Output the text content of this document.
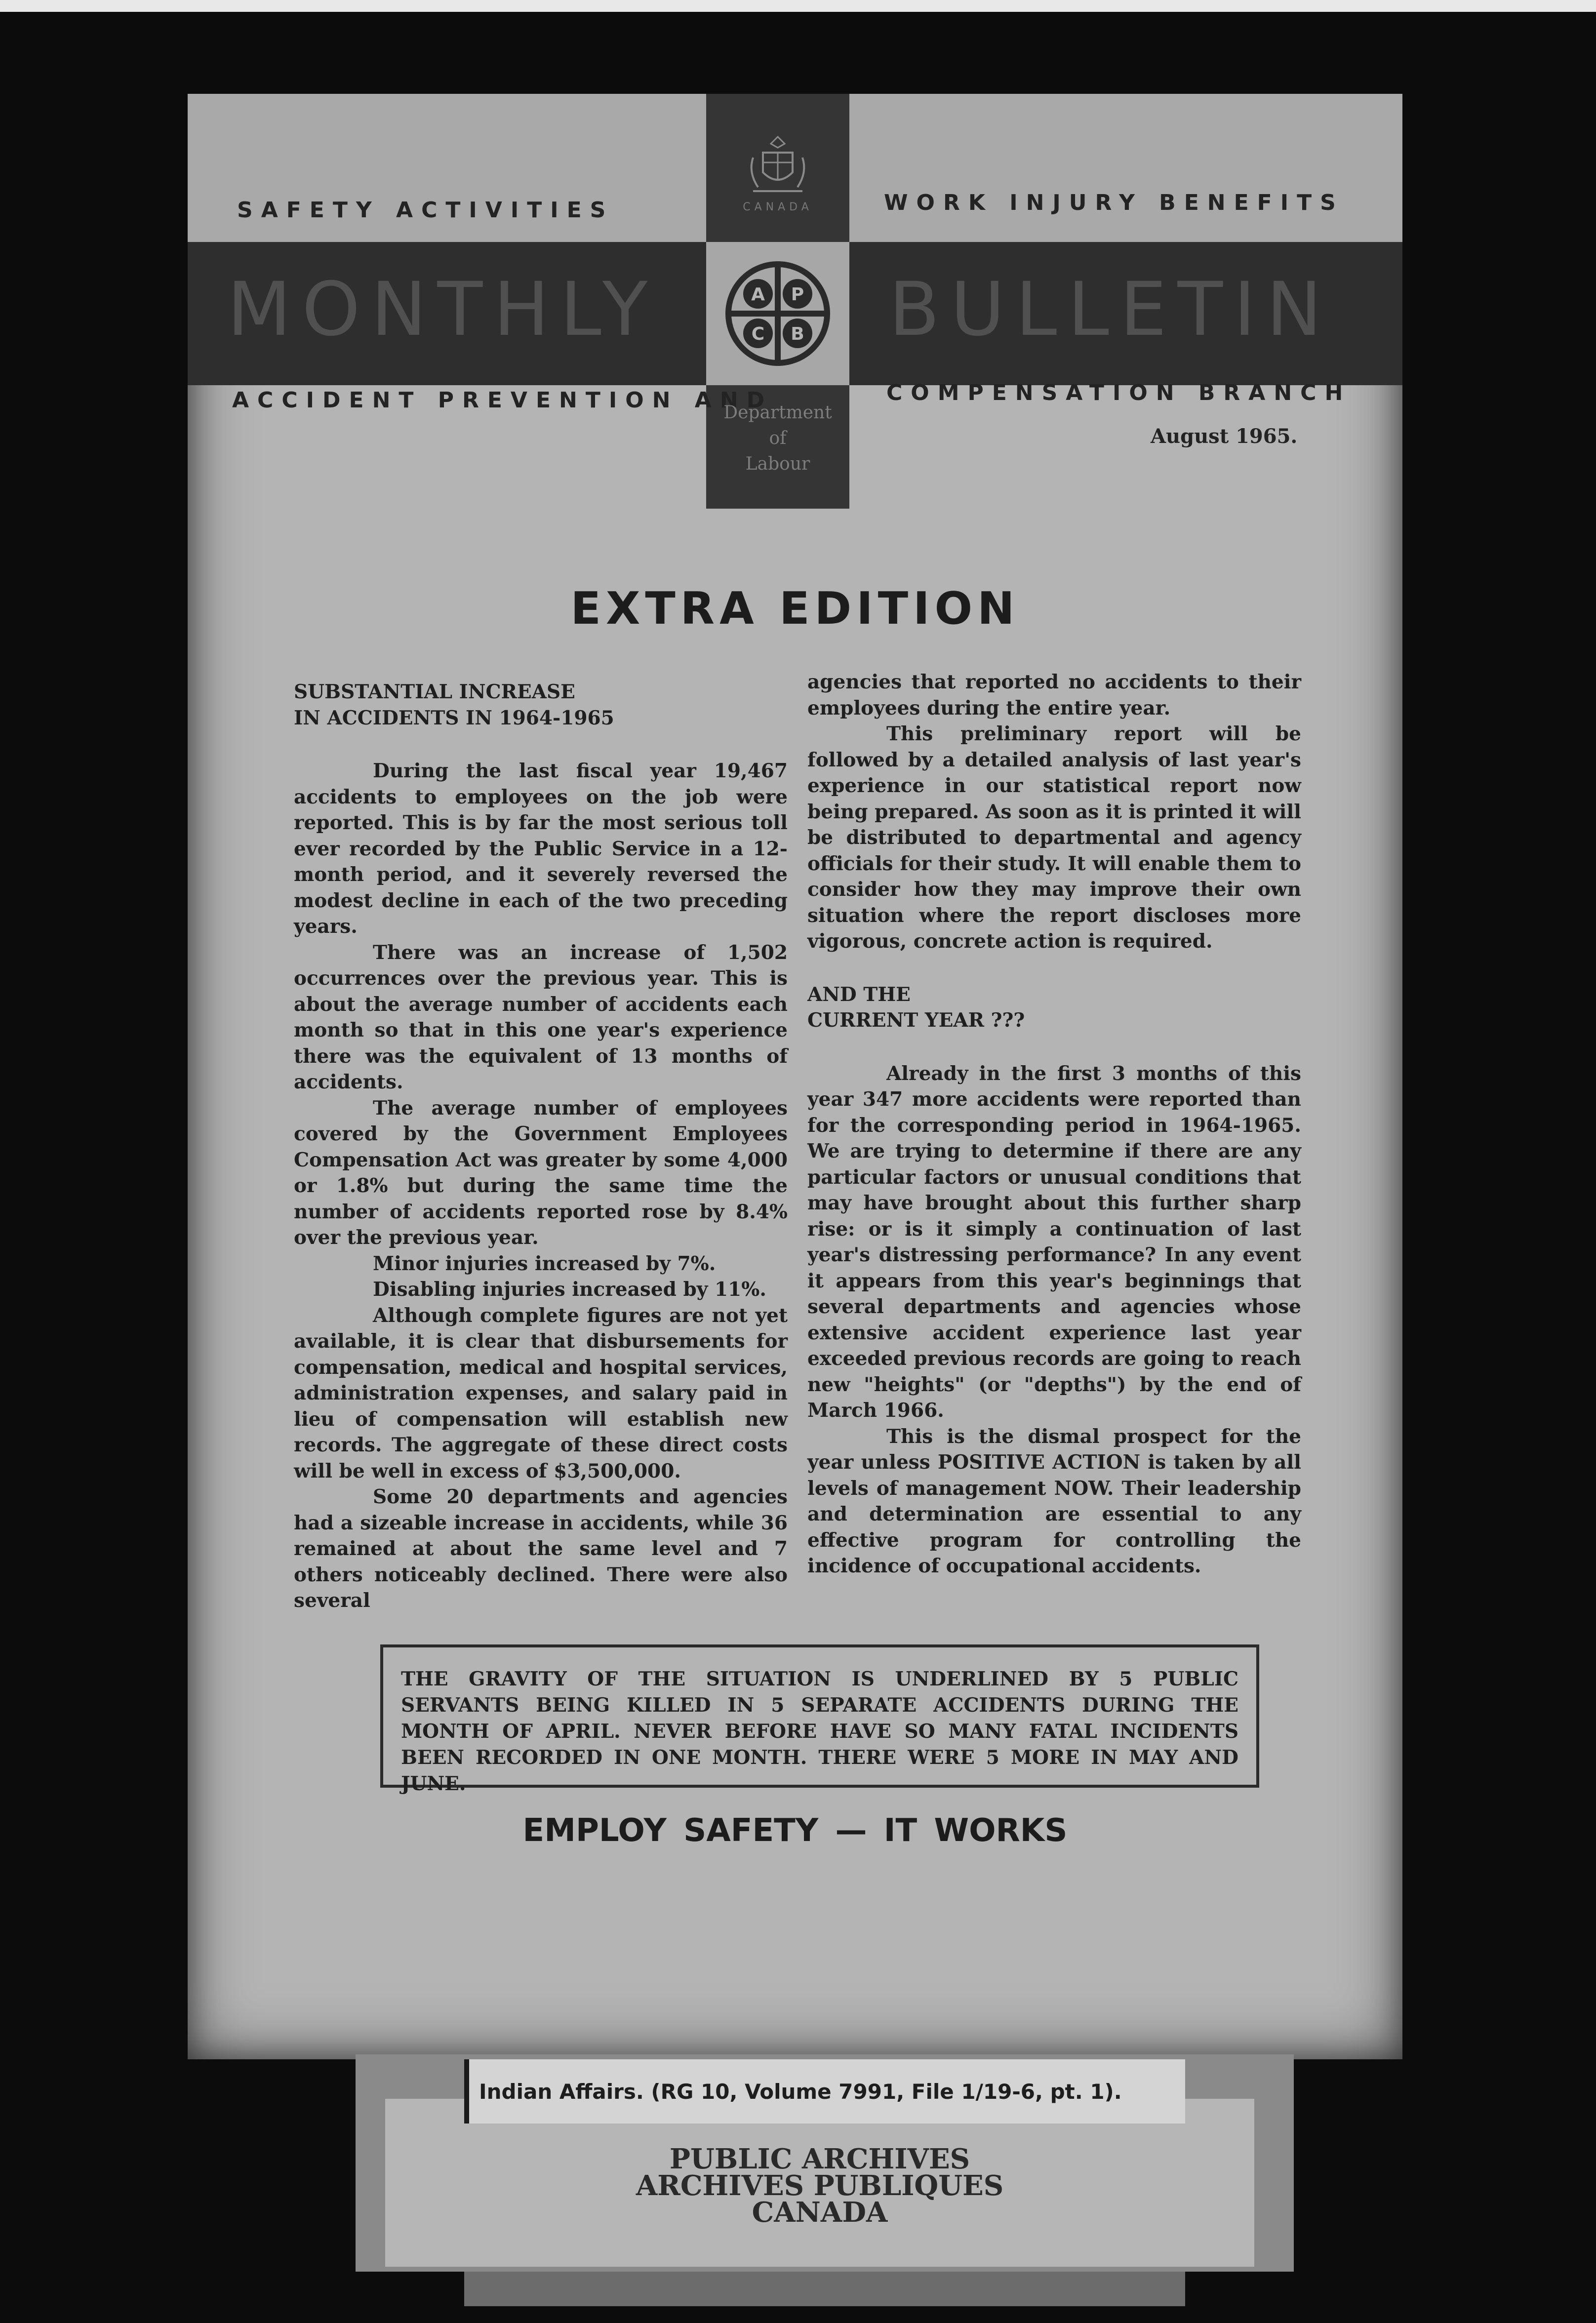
CANADA
SAFETY ACTIVITIES	WORK INJURY BENEFITS
MONTHLY	BULLETIN
ACCIDENT PREVENTION AND	COMPENSATION BRANCH
A P
C B
Department
of
Labour
August 1965.
EXTRA EDITION
SUBSTANTIAL INCREASE
IN ACCIDENTS IN 1964-1965

During the last fiscal year 19,467 accidents to employees on the job were reported. This is by far the most serious toll ever recorded by the Public Service in a 12-month period, and it severely reversed the modest decline in each of the two preceding years.

There was an increase of 1,502 occurrences over the previous year. This is about the average number of accidents each month so that in this one year's experience there was the equivalent of 13 months of accidents.

The average number of employees covered by the Government Employees Compensation Act was greater by some 4,000 or 1.8% but during the same time the number of accidents reported rose by 8.4% over the previous year.

Minor injuries increased by 7%.

Disabling injuries increased by 11%.

Although complete figures are not yet available, it is clear that disbursements for compensation, medical and hospital services, administration expenses, and salary paid in lieu of compensation will establish new records. The aggregate of these direct costs will be well in excess of $3,500,000.

Some 20 departments and agencies had a sizeable increase in accidents, while 36 remained at about the same level and 7 others noticeably declined. There were also several

agencies that reported no accidents to their employees during the entire year.

This preliminary report will be followed by a detailed analysis of last year's experience in our statistical report now being prepared. As soon as it is printed it will be distributed to departmental and agency officials for their study. It will enable them to consider how they may improve their own situation where the report discloses more vigorous, concrete action is required.

AND THE
CURRENT YEAR ???

Already in the first 3 months of this year 347 more accidents were reported than for the corresponding period in 1964-1965. We are trying to determine if there are any particular factors or unusual conditions that may have brought about this further sharp rise: or is it simply a continuation of last year's distressing performance? In any event it appears from this year's beginnings that several departments and agencies whose extensive accident experience last year exceeded previous records are going to reach new "heights" (or "depths") by the end of March 1966.

This is the dismal prospect for the year unless POSITIVE ACTION is taken by all levels of management NOW. Their leadership and determination are essential to any effective program for controlling the incidence of occupational accidents.

THE GRAVITY OF THE SITUATION IS UNDERLINED BY 5 PUBLIC SERVANTS BEING KILLED IN 5 SEPARATE ACCIDENTS DURING THE MONTH OF APRIL. NEVER BEFORE HAVE SO MANY FATAL INCIDENTS BEEN RECORDED IN ONE MONTH. THERE WERE 5 MORE IN MAY AND JUNE.
EMPLOY SAFETY — IT WORKS
Indian Affairs. (RG 10, Volume 7991, File 1/19-6, pt. 1).
PUBLIC ARCHIVES
ARCHIVES PUBLIQUES
CANADA
